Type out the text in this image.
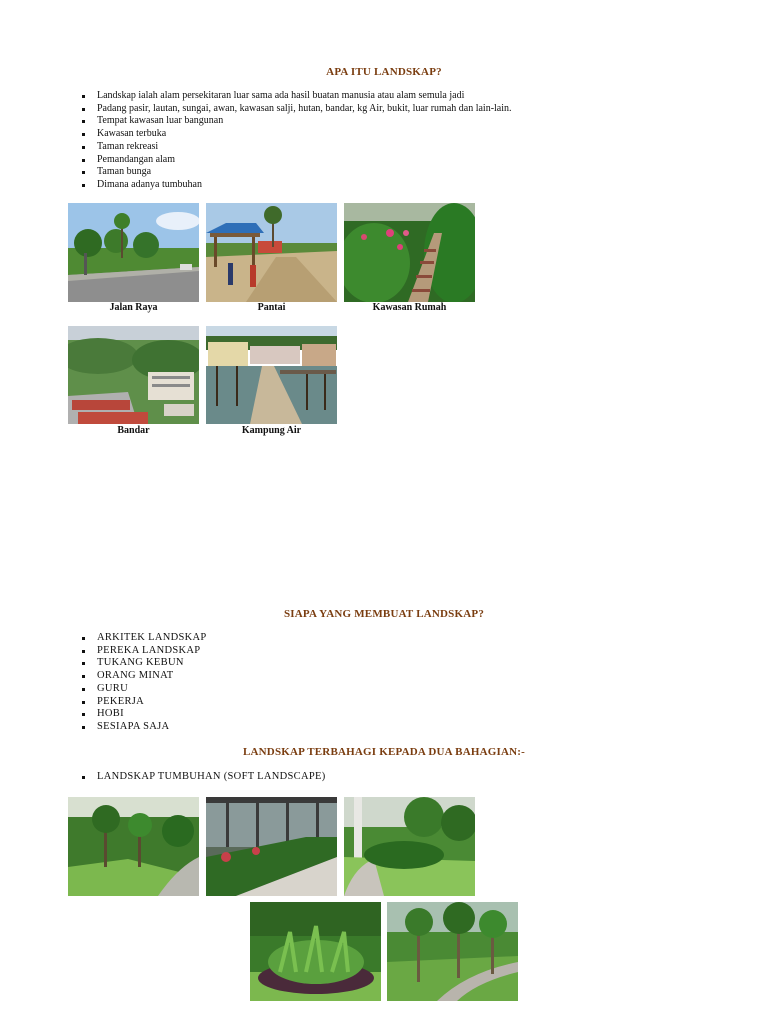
APA ITU LANDSKAP?
Landskap ialah alam persekitaran luar sama ada hasil buatan manusia atau alam semula jadi
Padang pasir, lautan, sungai, awan, kawasan salji, hutan, bandar, kg Air, bukit, luar rumah dan lain-lain.
Tempat kawasan luar bangunan
Kawasan terbuka
Taman rekreasi
Pemandangan alam
Taman bunga
Dimana adanya tumbuhan
Jalan Raya	Pantai	Kawasan Rumah
Bandar	Kampung Air
SIAPA YANG MEMBUAT LANDSKAP?
ARKITEK LANDSKAP
PEREKA LANDSKAP
TUKANG KEBUN
ORANG MINAT
GURU
PEKERJA
HOBI
SESIAPA SAJA
LANDSKAP TERBAHAGI KEPADA DUA BAHAGIAN:-
LANDSKAP TUMBUHAN (SOFT LANDSCAPE)
